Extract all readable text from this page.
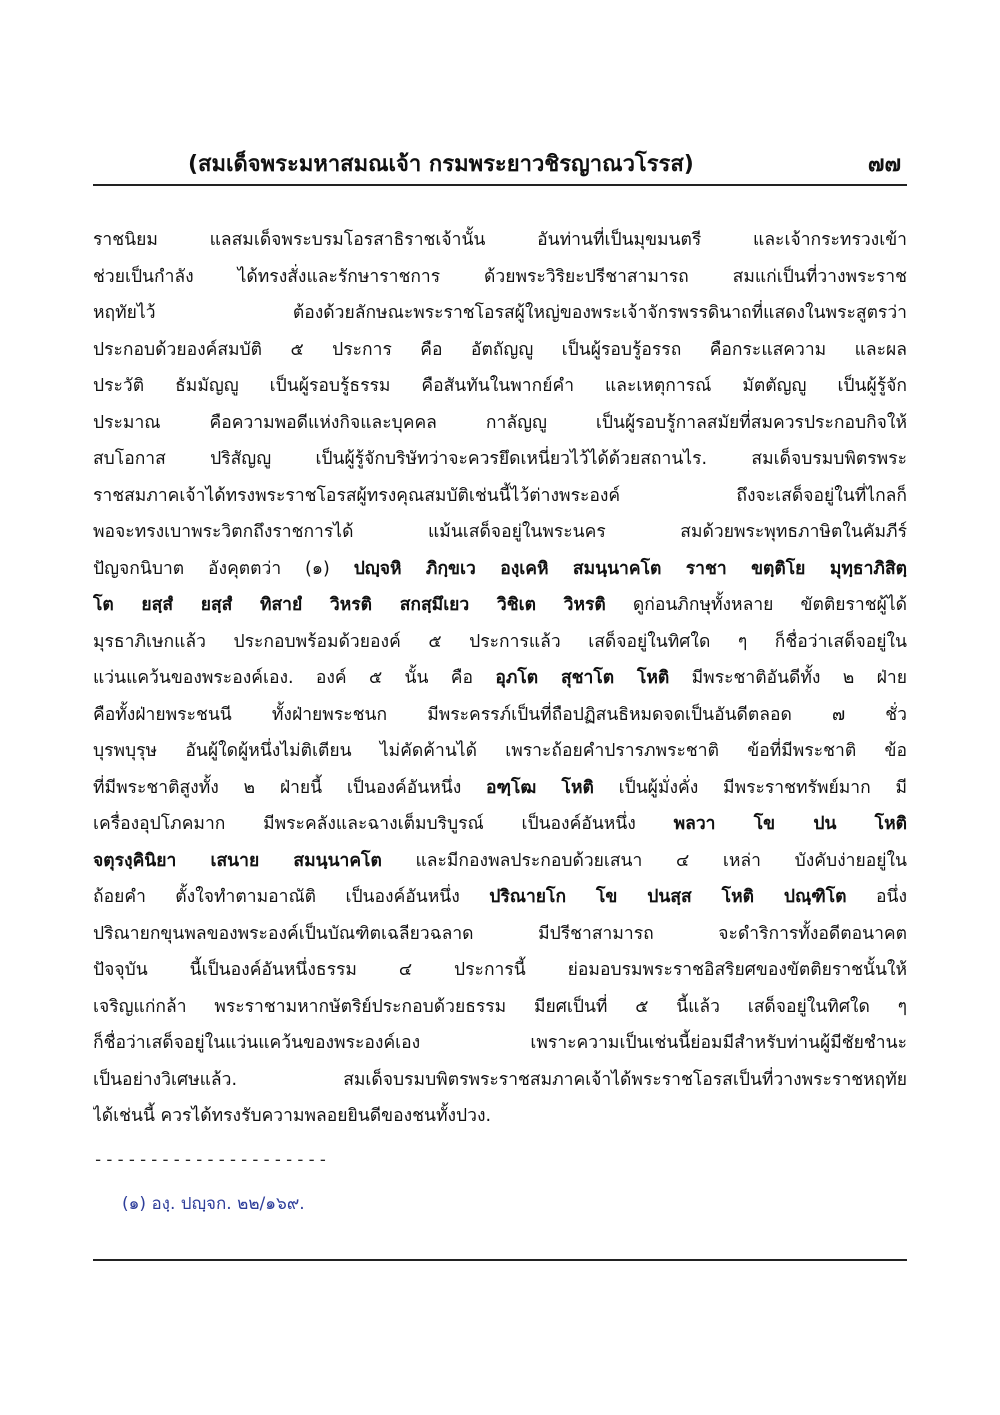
(สมเด็จพระมหาสมณเจ้า กรมพระยาวชิรญาณวโรรส)	๗๗
ราชนิยม แลสมเด็จพระบรมโอรสาธิราชเจ้านั้น อันท่านที่เป็นมุขมนตรี และเจ้ากระทรวงเข้า
ช่วยเป็นกำลัง ได้ทรงสั่งและรักษาราชการ ด้วยพระวิริยะปรีชาสามารถ สมแก่เป็นที่วางพระราช
หฤทัยไว้ ต้องด้วยลักษณะพระราชโอรสผู้ใหญ่ของพระเจ้าจักรพรรดินาถที่แสดงในพระสูตรว่า
ประกอบด้วยองค์สมบัติ ๕ ประการ คือ อัตถัญญู เป็นผู้รอบรู้อรรถ คือกระแสความ และผล
ประวัติ ธัมมัญญู เป็นผู้รอบรู้ธรรม คือสันทันในพากย์คำ และเหตุการณ์ มัตตัญญู เป็นผู้รู้จัก
ประมาณ คือความพอดีแห่งกิจและบุคคล กาลัญญู เป็นผู้รอบรู้กาลสมัยที่สมควรประกอบกิจให้
สบโอกาส ปริสัญญู เป็นผู้รู้จักบริษัทว่าจะควรยึดเหนี่ยวไว้ได้ด้วยสถานไร. สมเด็จบรมบพิตรพระ
ราชสมภาคเจ้าได้ทรงพระราชโอรสผู้ทรงคุณสมบัติเช่นนี้ไว้ต่างพระองค์ ถึงจะเสด็จอยู่ในที่ไกลก็
พอจะทรงเบาพระวิตกถึงราชการได้ แม้นเสด็จอยู่ในพระนคร สมด้วยพระพุทธภาษิตในคัมภีร์
ปัญจกนิบาต อังคุตตว่า (๑) ปญฺจหิ ภิกฺขเว องฺเคหิ สมนฺนาคโต ราชา ขตฺติโย มุทฺธาภิสิตฺ
โต ยสฺสํ ยสฺสํ ทิสายํ วิหรติ สกสฺมึเยว วิชิเต วิหรติ ดูก่อนภิกษุทั้งหลาย ขัตติยราชผู้ได้
มุรธาภิเษกแล้ว ประกอบพร้อมด้วยองค์ ๕ ประการแล้ว เสด็จอยู่ในทิศใด ๆ ก็ชื่อว่าเสด็จอยู่ใน
แว่นแคว้นของพระองค์เอง. องค์ ๕ นั้น คือ อุภโต สุชาโต โหติ มีพระชาติอันดีทั้ง ๒ ฝ่าย
คือทั้งฝ่ายพระชนนี ทั้งฝ่ายพระชนก มีพระครรภ์เป็นที่ถือปฏิสนธิหมดจดเป็นอันดีตลอด ๗ ชั่ว
บุรพบุรุษ อันผู้ใดผู้หนึ่งไม่ติเตียน ไม่คัดค้านได้ เพราะถ้อยคำปรารภพระชาติ ข้อที่มีพระชาติ ข้อ
ที่มีพระชาติสูงทั้ง ๒ ฝ่ายนี้ เป็นองค์อันหนึ่ง อฑฺโฒ โหติ เป็นผู้มั่งคั่ง มีพระราชทรัพย์มาก มี
เครื่องอุปโภคมาก มีพระคลังและฉางเต็มบริบูรณ์ เป็นองค์อันหนึ่ง พลวา โข ปน โหติ
จตุรงฺคินิยา เสนาย สมนฺนาคโต และมีกองพลประกอบด้วยเสนา ๔ เหล่า บังคับง่ายอยู่ใน
ถ้อยคำ ตั้งใจทำตามอาณัติ เป็นองค์อันหนึ่ง ปริณายโก โข ปนสฺส โหติ ปณฺฑิโต อนึ่ง
ปริณายกขุนพลของพระองค์เป็นบัณฑิตเฉลียวฉลาด มีปรีชาสามารถ จะดำริการทั้งอดีตอนาคต
ปัจจุบัน นี้เป็นองค์อันหนึ่งธรรม ๔ ประการนี้ ย่อมอบรมพระราชอิสริยศของขัตติยราชนั้นให้
เจริญแก่กล้า พระราชามหากษัตริย์ประกอบด้วยธรรม มียศเป็นที่ ๕ นี้แล้ว เสด็จอยู่ในทิศใด ๆ
ก็ชื่อว่าเสด็จอยู่ในแว่นแคว้นของพระองค์เอง เพราะความเป็นเช่นนี้ย่อมมีสำหรับท่านผู้มีชัยชำนะ
เป็นอย่างวิเศษแล้ว. สมเด็จบรมบพิตรพระราชสมภาคเจ้าได้พระราชโอรสเป็นที่วางพระราชหฤทัย
ได้เช่นนี้ ควรได้ทรงรับความพลอยยินดีของชนทั้งปวง.
---------------------
(๑) องฺ. ปญฺจก. ๒๒/๑๖๙.
